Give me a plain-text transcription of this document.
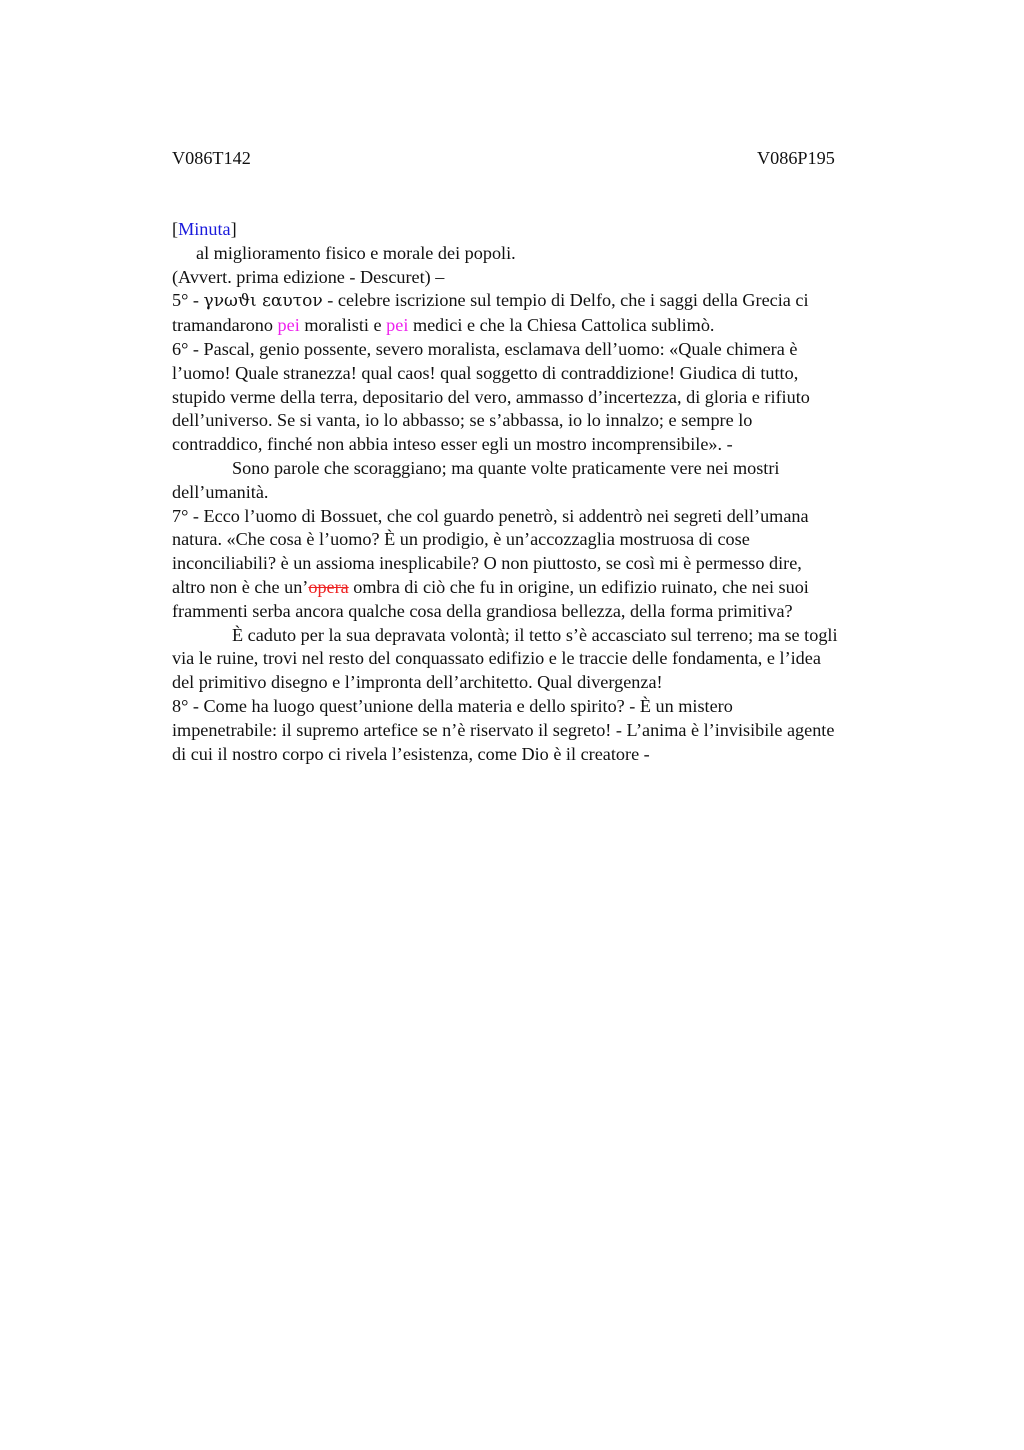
V086T142	V086P195
[Minuta]
al miglioramento fisico e morale dei popoli.
(Avvert. prima edizione - Descuret) –
5° - γνωϑι εαυτον - celebre iscrizione sul tempio di Delfo, che i saggi della Grecia ci
tramandarono pei moralisti e pei medici e che la Chiesa Cattolica sublimò.
6° - Pascal, genio possente, severo moralista, esclamava dell’uomo: «Quale chimera è
l’uomo! Quale stranezza! qual caos! qual soggetto di contraddizione! Giudica di tutto,
stupido verme della terra, depositario del vero, ammasso d’incertezza, di gloria e rifiuto
dell’universo. Se si vanta, io lo abbasso; se s’abbassa, io lo innalzo; e sempre lo
contraddico, finché non abbia inteso esser egli un mostro incomprensibile». -
Sono parole che scoraggiano; ma quante volte praticamente vere nei mostri
dell’umanità.
7° - Ecco l’uomo di Bossuet, che col guardo penetrò, si addentrò nei segreti dell’umana
natura. «Che cosa è l’uomo? È un prodigio, è un’accozzaglia mostruosa di cose
inconciliabili? è un assioma inesplicabile? O non piuttosto, se così mi è permesso dire,
altro non è che un’opera ombra di ciò che fu in origine, un edifizio ruinato, che nei suoi
frammenti serba ancora qualche cosa della grandiosa bellezza, della forma primitiva?
È caduto per la sua depravata volontà; il tetto s’è accasciato sul terreno; ma se togli
via le ruine, trovi nel resto del conquassato edifizio e le traccie delle fondamenta, e l’idea
del primitivo disegno e l’impronta dell’architetto. Qual divergenza!
8° - Come ha luogo quest’unione della materia e dello spirito? - È un mistero
impenetrabile: il supremo artefice se n’è riservato il segreto! - L’anima è l’invisibile agente
di cui il nostro corpo ci rivela l’esistenza, come Dio è il creatore -
